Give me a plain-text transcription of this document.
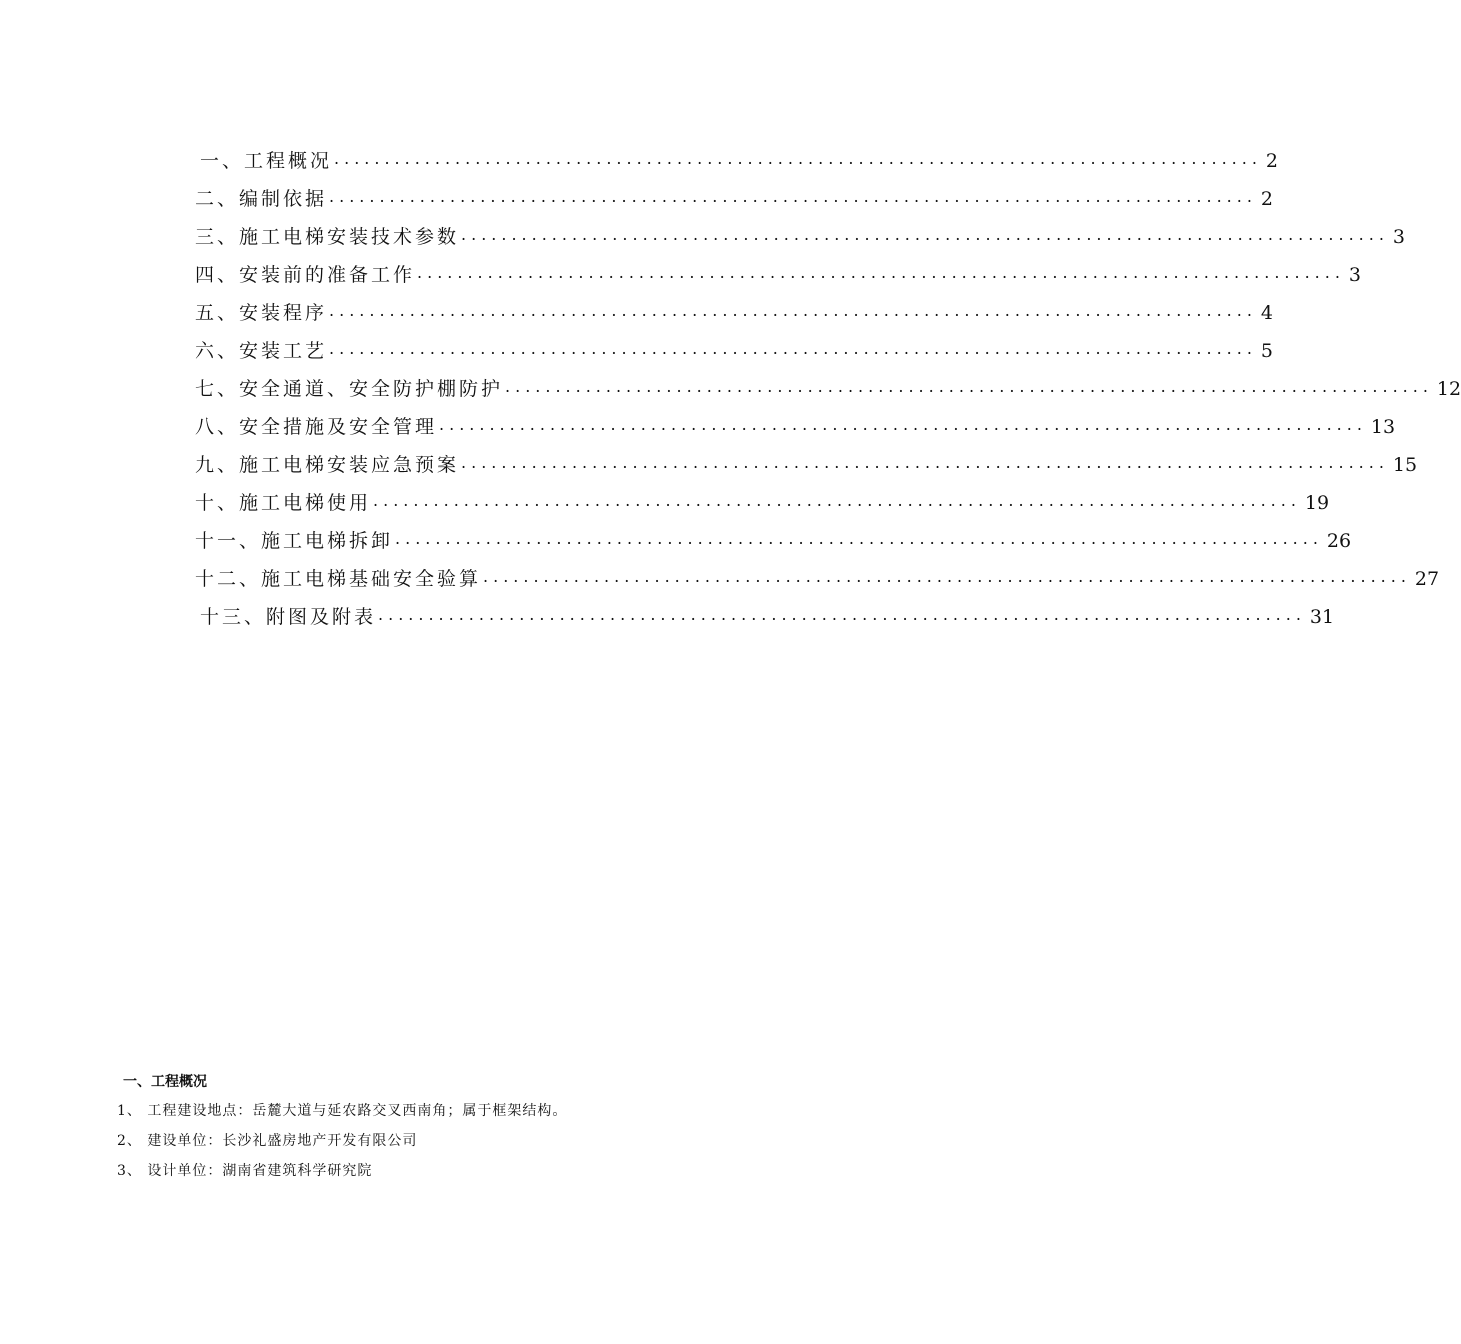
一、工程概况 ............................................................................................ 2
二、编制依据 ............................................................................................ 2
三、施工电梯安装技术参数 ............................................................................................ 3
四、安装前的准备工作 ............................................................................................ 3
五、安装程序 ............................................................................................ 4
六、安装工艺 ............................................................................................ 5
七、安全通道、安全防护棚防护 ............................................................................................ 12
八、安全措施及安全管理 ............................................................................................ 13
九、施工电梯安装应急预案 ............................................................................................ 15
十、施工电梯使用 ............................................................................................ 19
十一、施工电梯拆卸 ............................................................................................ 26
十二、施工电梯基础安全验算 ............................................................................................ 27
十三、附图及附表 ............................................................................................ 31
一、工程概况
1、 工程建设地点：岳麓大道与延农路交叉西南角；属于框架结构。
2、 建设单位：长沙礼盛房地产开发有限公司
3、 设计单位：湖南省建筑科学研究院
